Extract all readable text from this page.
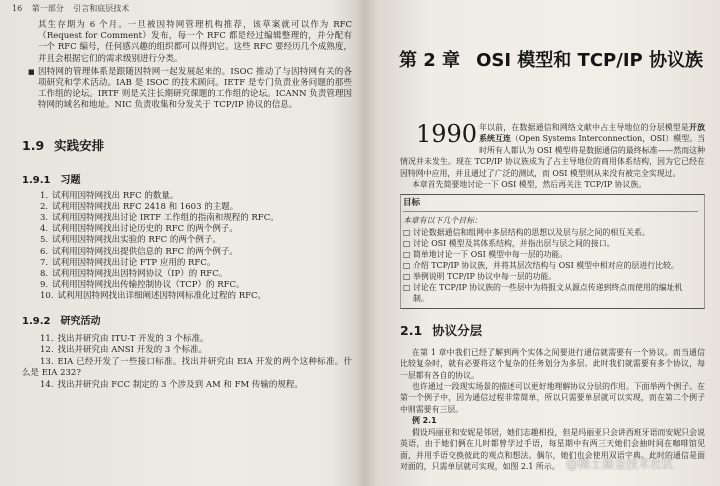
16 第一部分 引言和底层技术

其生存期为 6 个月。一旦被因特网管理机构推荐，该草案就可以作为 RFC（Request for Comment）发布，每一个 RFC 都是经过编辑整理的，并分配有一个 RFC 编号，任何感兴趣的组织都可以得到它。这些 RFC 要经历几个成熟度，并且会根据它们的需求级别进行分类。

■ 因特网的管理体系是跟随因特网一起发展起来的。ISOC 推动了与因特网有关的各项研究和学术活动。IAB 是 ISOC 的技术顾问。IETF 是专门负责业务问题的那些工作组的论坛。IRTF 则是关注长期研究课题的工作组的论坛。ICANN 负责管理因特网的域名和地址。NIC 负责收集和分发关于 TCP/IP 协议的信息。
1.9 实践安排
1.9.1 习题

1. 试利用因特网找出 RFC 的数量。

2. 试利用因特网找出 RFC 2418 和 1603 的主题。

3. 试利用因特网找出讨论 IRTF 工作组的指南和规程的 RFC。

4. 试利用因特网找出讨论历史的 RFC 的两个例子。

5. 试利用因特网找出实验的 RFC 的两个例子。

6. 试利用因特网找出提供信息的 RFC 的两个例子。

7. 试利用因特网找出讨论 FTP 应用的 RFC。

8. 试利用因特网找出因特网协议（IP）的 RFC。

9. 试利用因特网找出传输控制协议（TCP）的 RFC。

10. 试利用因特网找出详细阐述因特网标准化过程的 RFC。

1.9.2 研究活动

11. 找出并研究由 ITU-T 开发的 3 个标准。

12. 找出并研究由 ANSI 开发的 3 个标准。

13. EIA 已经开发了一些接口标准。找出并研究由 EIA 开发的两个这种标准。什么是 EIA 232?

14. 找出并研究由 FCC 制定的 3 个涉及到 AM 和 FM 传输的规程。

第 2 章 OSI 模型和 TCP/IP 协议族

1990 年以前，在数据通信和网络文献中占主导地位的分层模型是开放系统互连（Open Systems Interconnection，OSI）模型。当时所有人都认为 OSI 模型将是数据通信的最终标准——然而这种情况并未发生。现在 TCP/IP 协议族成为了占主导地位的商用体系结构，因为它已经在因特网中应用，并且通过了广泛的测试，而 OSI 模型则从来没有被完全实现过。

本章首先简要地讨论一下 OSI 模型，然后再关注 TCP/IP 协议族。

目标
本章有以下几个目标：
□ 讨论数据通信和组网中多层结构的思想以及层与层之间的相互关系。
□ 讨论 OSI 模型及其体系结构，并指出层与层之间的接口。
□ 简单地讨论一下 OSI 模型中每一层的功能。
□ 介绍 TCP/IP 协议族，并将其层次结构与 OSI 模型中相对应的层进行比较。
□ 举例说明 TCP/IP 协议中每一层的功能。
□ 讨论在 TCP/IP 协议族的一些层中为将报文从源点传递到终点而使用的编址机制。
2.1 协议分层

在第 1 章中我们已经了解到两个实体之间要进行通信就需要有一个协议。而当通信比较复杂时，就有必要将这个复杂的任务划分为多层。此时我们就需要有多个协议，每一层都有各自的协议。

也许通过一段现实场景的描述可以更好地理解协议分层的作用。下面举两个例子。在第一个例子中，因为通信过程非常简单，所以只需要单层就可以实现，而在第二个例子中则需要有三层。

例 2.1

假设玛丽亚和安妮是邻居，她们志趣相投，但是玛丽亚只会讲西班牙语而安妮只会说英语，由于她们俩在儿时都曾学过手语，每星期中有两三天她们会抽时间在咖啡馆见面，并用手语交换彼此的观点和想法。偶尔，她们也会使用双语字典。此时的通信是面对面的，只需单层就可实现，如图 2.1 所示。 @稀土掘金技术社区
